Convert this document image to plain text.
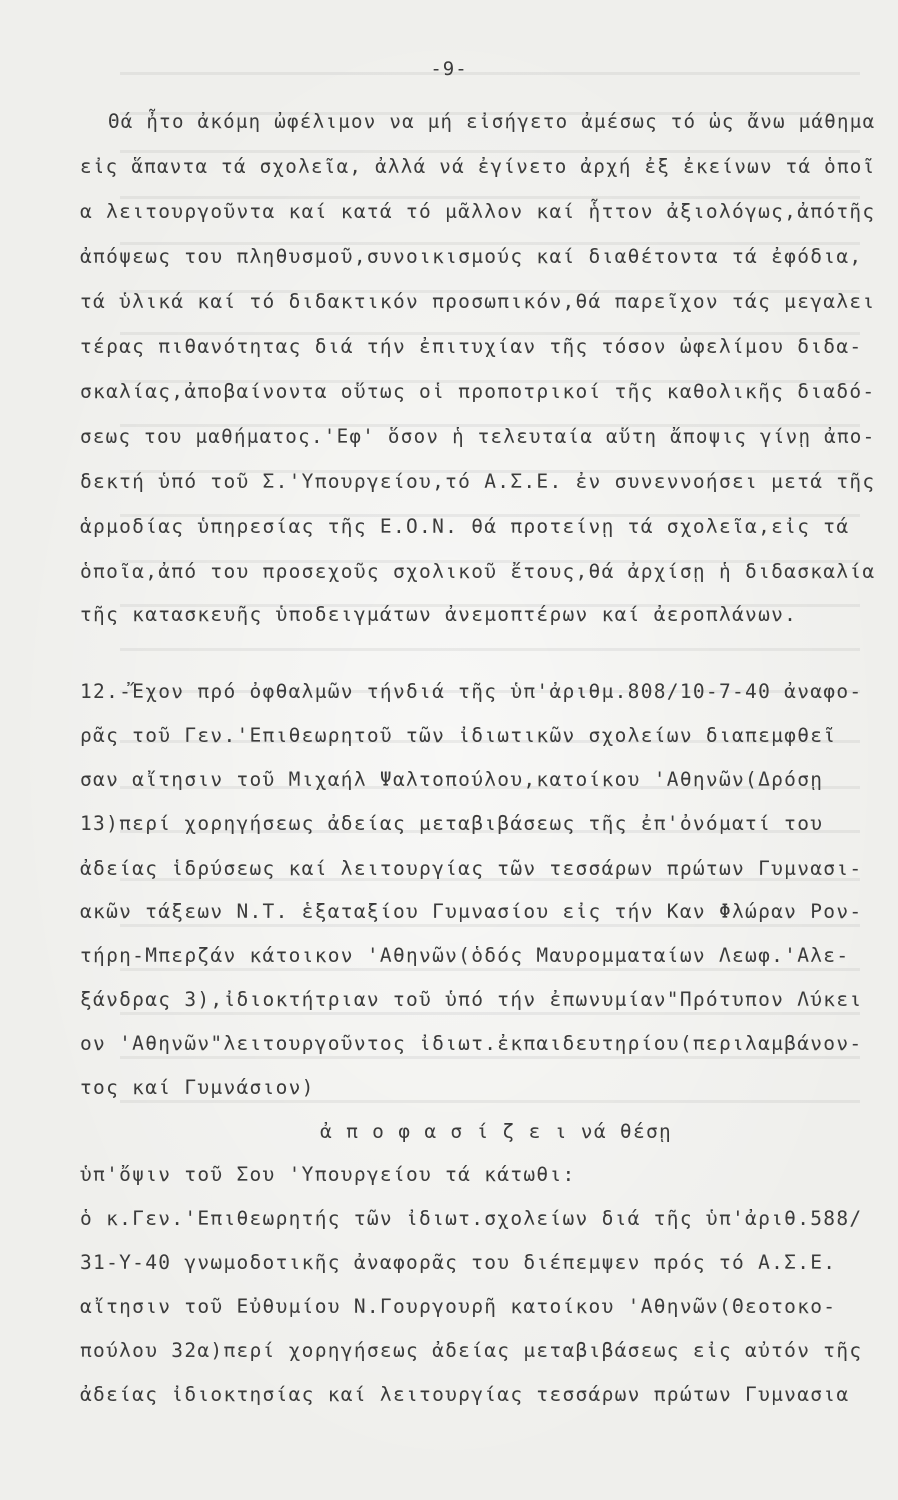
-9-
Θά ἦτο ἀκόμη ὠφέλιμον να μή εἰσήγετο ἀμέσως τό ὡς ἄνω μάθημα
εἰς ἅπαντα τά σχολεῖα, ἀλλά νά ἐγίνετο ἀρχή ἐξ ἐκείνων τά ὁποῖ
α λειτουργοῦντα καί κατά τό μᾶλλον καί ἧττον ἀξιολόγως,ἀπότῆς
ἀπόψεως του πληθυσμοῦ,συνοικισμούς καί διαθέτοντα τά ἐφόδια,
τά ὑλικά καί τό διδακτικόν προσωπικόν,θά παρεῖχον τάς μεγαλει
τέρας πιθανότητας διά τήν ἐπιτυχίαν τῆς τόσον ὠφελίμου διδα-
σκαλίας,ἀποβαίνοντα οὕτως οἱ προποτρικοί τῆς καθολικῆς διαδό-
σεως του μαθήματος.'Εφ' ὅσον ἡ τελευταία αὕτη ἄποψις γίνῃ ἀπο-
δεκτή ὑπό τοῦ Σ.'Υπουργείου,τό Α.Σ.Ε. ἐν συνεννοήσει μετά τῆς
ἁρμοδίας ὑπηρεσίας τῆς Ε.Ο.Ν. θά προτείνῃ τά σχολεῖα,εἰς τά
ὁποῖα,ἀπό του προσεχοῦς σχολικοῦ ἔτους,θά ἀρχίσῃ ἡ διδασκαλία
τῆς κατασκευῆς ὑποδειγμάτων ἀνεμοπτέρων καί ἀεροπλάνων.
12.-Ἔχον πρό ὀφθαλμῶν τήνδιά τῆς ὑπ'ἀριθμ.808/10-7-40 ἀναφο-
ρᾶς τοῦ Γεν.'Επιθεωρητοῦ τῶν ἰδιωτικῶν σχολείων διαπεμφθεῖ
σαν αἴτησιν τοῦ Μιχαήλ Ψαλτοπούλου,κατοίκου 'Αθηνῶν(Δρόσῃ
13)περί χορηγήσεως ἀδείας μεταβιβάσεως τῆς ἐπ'ὀνόματί του
ἀδείας ἱδρύσεως καί λειτουργίας τῶν τεσσάρων πρώτων Γυμνασι-
ακῶν τάξεων Ν.Τ. ἑξαταξίου Γυμνασίου εἰς τήν Καν Φλώραν Ρον-
τήρη-Μπερζάν κάτοικον 'Αθηνῶν(ὁδός Μαυρομματαίων Λεωφ.'Αλε-
ξάνδρας 3),ἰδιοκτήτριαν τοῦ ὑπό τήν ἐπωνυμίαν"Πρότυπον Λύκει
ον 'Αθηνῶν"λειτουργοῦντος ἰδιωτ.ἐκπαιδευτηρίου(περιλαμβάνον-
τος καί Γυμνάσιον)
ἀ π ο φ α σ ί ζ ε ι νά θέσῃ
ὑπ'ὄψιν τοῦ Σου 'Υπουργείου τά κάτωθι:
ὁ κ.Γεν.'Επιθεωρητής τῶν ἰδιωτ.σχολείων διά τῆς ὑπ'ἀριθ.588/
31-Υ-40 γνωμοδοτικῆς ἀναφορᾶς του διέπεμψεν πρός τό Α.Σ.Ε.
αἴτησιν τοῦ Εὐθυμίου Ν.Γουργουρῆ κατοίκου 'Αθηνῶν(Θεοτοκο-
πούλου 32α)περί χορηγήσεως ἀδείας μεταβιβάσεως εἰς αὐτόν τῆς
ἀδείας ἰδιοκτησίας καί λειτουργίας τεσσάρων πρώτων Γυμνασια
